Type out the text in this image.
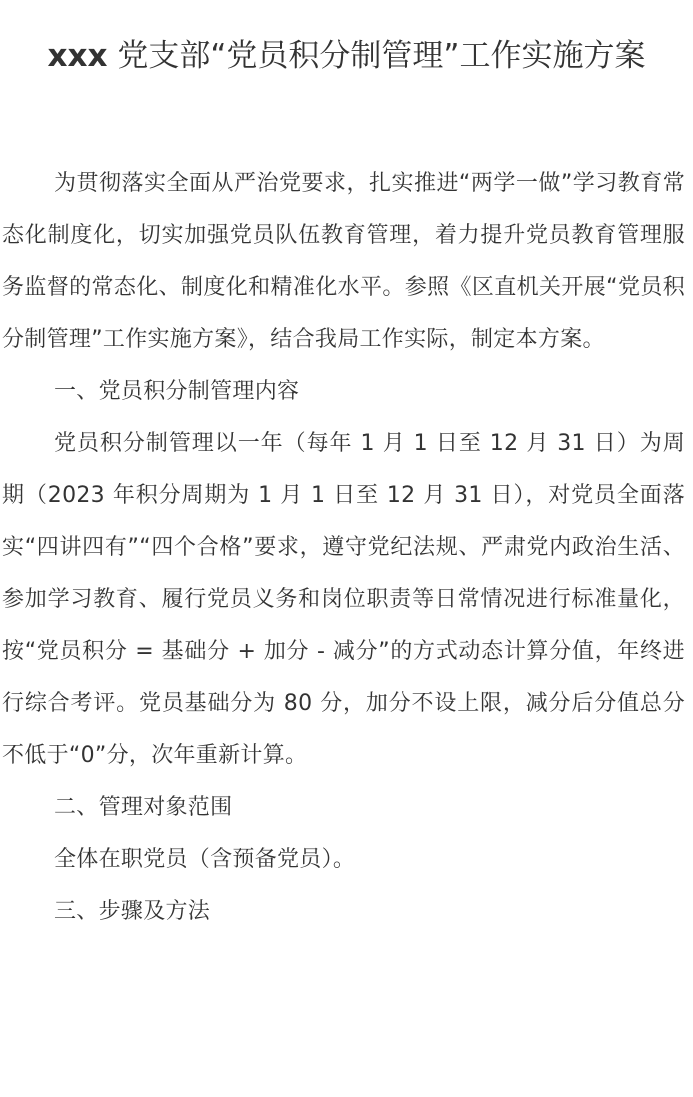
xxx 党支部“党员积分制管理”工作实施方案

为贯彻落实全面从严治党要求，扎实推进“两学一做”学习教育常态化制度化，切实加强党员队伍教育管理，着力提升党员教育管理服务监督的常态化、制度化和精准化水平。参照《区直机关开展“党员积分制管理”工作实施方案》，结合我局工作实际，制定本方案。

一、党员积分制管理内容

党员积分制管理以一年（每年 1 月 1 日至 12 月 31 日）为周期（2023 年积分周期为 1 月 1 日至 12 月 31 日），对党员全面落实“四讲四有”“四个合格”要求，遵守党纪法规、严肃党内政治生活、参加学习教育、履行党员义务和岗位职责等日常情况进行标准量化，按“党员积分 = 基础分 + 加分 - 减分”的方式动态计算分值，年终进行综合考评。党员基础分为 80 分，加分不设上限，减分后分值总分不低于“0”分，次年重新计算。

二、管理对象范围

全体在职党员（含预备党员）。

三、步骤及方法
